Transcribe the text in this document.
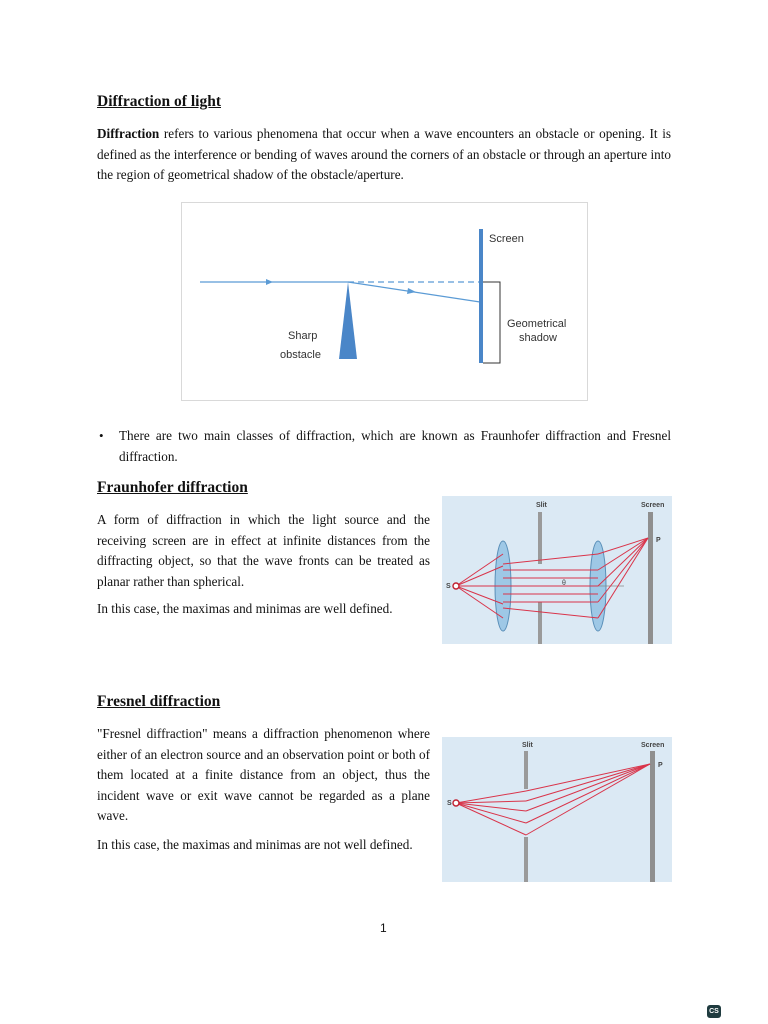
Diffraction of light

Diffraction refers to various phenomena that occur when a wave encounters an obstacle or opening. It is defined as the interference or bending of waves around the corners of an obstacle or through an aperture into the region of geometrical shadow of the obstacle/aperture.

Screen
Sharp
obstacle
Geometrical
shadow
• There are two main classes of diffraction, which are known as Fraunhofer diffraction and Fresnel diffraction.

Fraunhofer diffraction

A form of diffraction in which the light source and the receiving screen are in effect at infinite distances from the diffracting object, so that the wave fronts can be treated as planar rather than spherical.

In this case, the maximas and minimas are well defined.

Slit	Screen
S
P
θ
Fresnel diffraction

"Fresnel diffraction" means a diffraction phenomenon where either of an electron source and an observation point or both of them located at a finite distance from an object, thus the incident wave or exit wave cannot be regarded as a plane wave.

In this case, the maximas and minimas are not well defined.

Slit	Screen
S
P
1
CS
